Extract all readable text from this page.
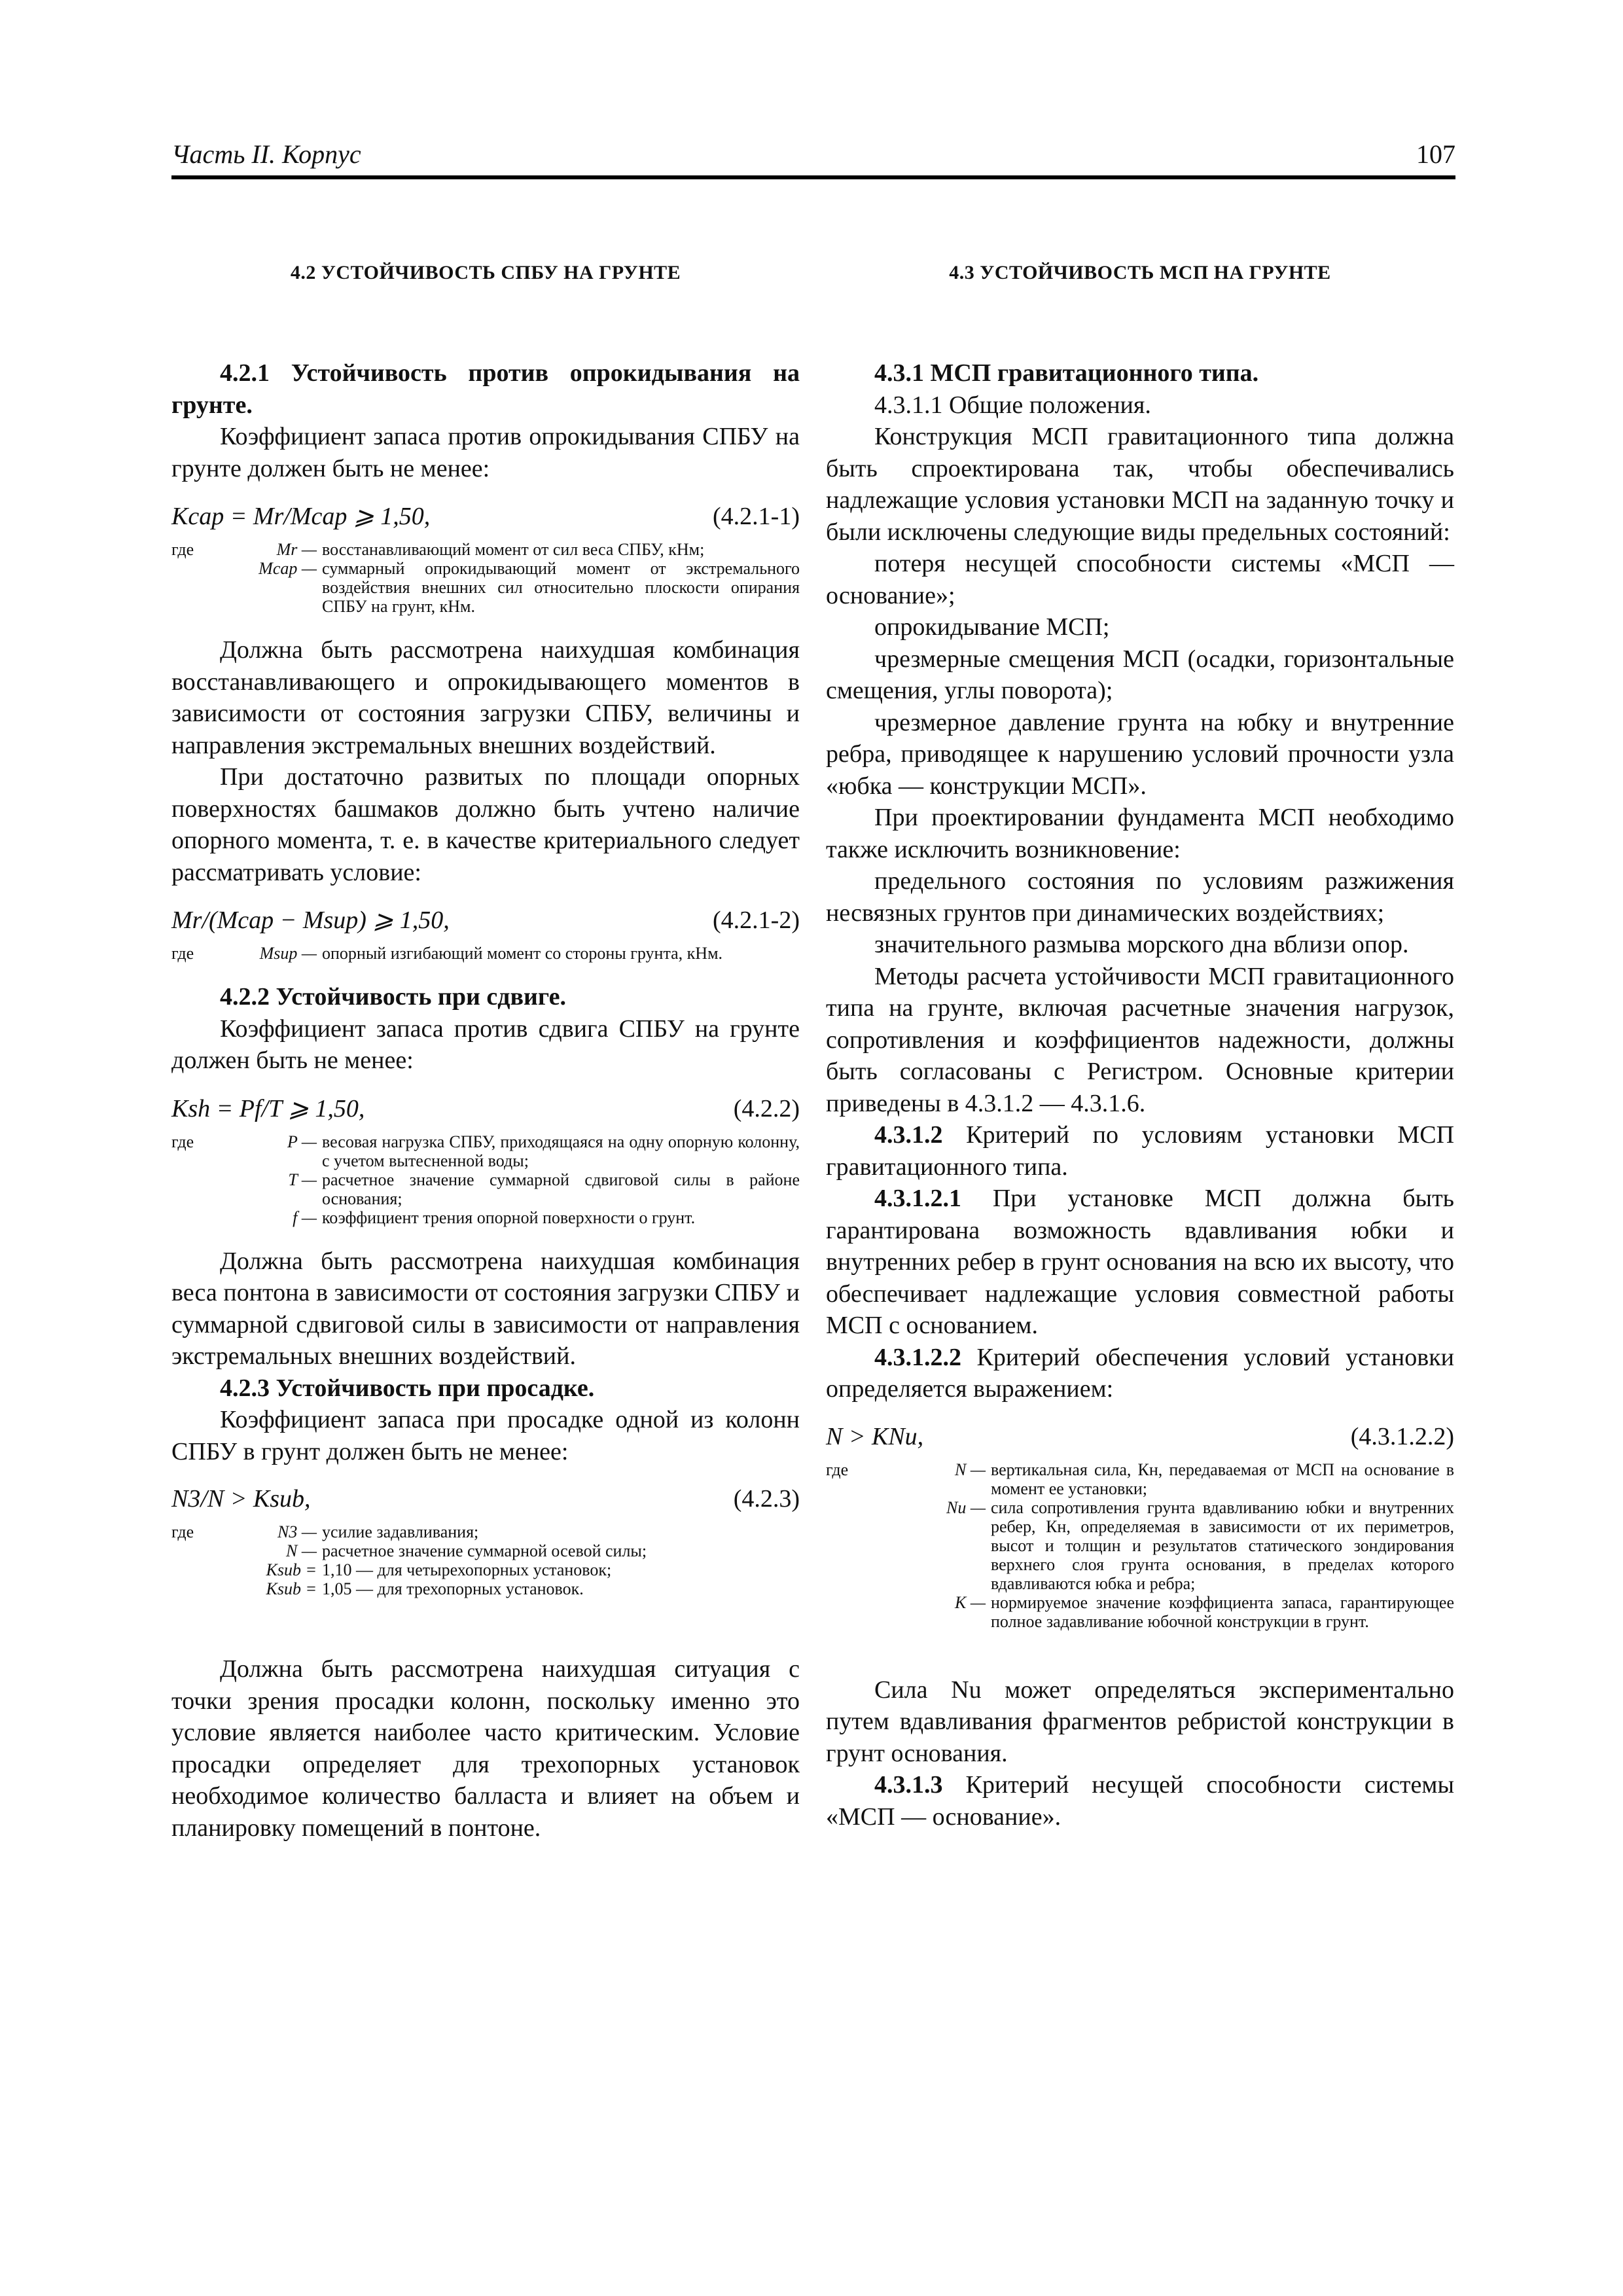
Часть II. Корпус	107
4.2 УСТОЙЧИВОСТЬ СПБУ НА ГРУНТЕ

4.2.1 Устойчивость против опрокидывания на грунте.

Коэффициент запаса против опрокидывания СПБУ на грунте должен быть не менее:

Kcap = Mr/Mcap ⩾ 1,50,	(4.2.1-1)
где	Mr — восстанавливающий момент от сил веса СПБУ, кНм;
Mcap — суммарный опрокидывающий момент от экстремального воздействия внешних сил относительно плоскости опирания СПБУ на грунт, кНм.

Должна быть рассмотрена наихудшая комбинация восстанавливающего и опрокидывающего моментов в зависимости от состояния загрузки СПБУ, величины и направления экстремальных внешних воздействий.

При достаточно развитых по площади опорных поверхностях башмаков должно быть учтено наличие опорного момента, т. е. в качестве критериального следует рассматривать условие:

Mr/(Mcap − Msup) ⩾ 1,50,	(4.2.1-2)
где	Msup — опорный изгибающий момент со стороны грунта, кНм.

4.2.2 Устойчивость при сдвиге.

Коэффициент запаса против сдвига СПБУ на грунте должен быть не менее:

Ksh = Pf/T ⩾ 1,50,	(4.2.2)
где	P — весовая нагрузка СПБУ, приходящаяся на одну опорную колонну, с учетом вытесненной воды;
T — расчетное значение суммарной сдвиговой силы в районе основания;
f — коэффициент трения опорной поверхности о грунт.

Должна быть рассмотрена наихудшая комбинация веса понтона в зависимости от состояния загрузки СПБУ и суммарной сдвиговой силы в зависимости от направления экстремальных внешних воздействий.

4.2.3 Устойчивость при просадке.

Коэффициент запаса при просадке одной из колонн СПБУ в грунт должен быть не менее:

N3/N > Ksub,	(4.2.3)
где	N3 — усилие задавливания;
N — расчетное значение суммарной осевой силы;
Ksub = 1,10 — для четырехопорных установок;
Ksub = 1,05 — для трехопорных установок.

Должна быть рассмотрена наихудшая ситуация с точки зрения просадки колонн, поскольку именно это условие является наиболее часто критическим. Условие просадки определяет для трехопорных установок необходимое количество балласта и влияет на объем и планировку помещений в понтоне.

4.3 УСТОЙЧИВОСТЬ МСП НА ГРУНТЕ

4.3.1 МСП гравитационного типа.

4.3.1.1 Общие положения.

Конструкция МСП гравитационного типа должна быть спроектирована так, чтобы обеспечивались надлежащие условия установки МСП на заданную точку и были исключены следующие виды предельных состояний:

потеря несущей способности системы «МСП — основание»;

опрокидывание МСП;

чрезмерные смещения МСП (осадки, горизонтальные смещения, углы поворота);

чрезмерное давление грунта на юбку и внутренние ребра, приводящее к нарушению условий прочности узла «юбка — конструкции МСП».

При проектировании фундамента МСП необходимо также исключить возникновение:

предельного состояния по условиям разжижения несвязных грунтов при динамических воздействиях;

значительного размыва морского дна вблизи опор.

Методы расчета устойчивости МСП гравитационного типа на грунте, включая расчетные значения нагрузок, сопротивления и коэффициентов надежности, должны быть согласованы с Регистром. Основные критерии приведены в 4.3.1.2 — 4.3.1.6.

4.3.1.2 Критерий по условиям установки МСП гравитационного типа.

4.3.1.2.1 При установке МСП должна быть гарантирована возможность вдавливания юбки и внутренних ребер в грунт основания на всю их высоту, что обеспечивает надлежащие условия совместной работы МСП с основанием.

4.3.1.2.2 Критерий обеспечения условий установки определяется выражением:

N > KNu,	(4.3.1.2.2)
где	N — вертикальная сила, Кн, передаваемая от МСП на основание в момент ее установки;
Nu — сила сопротивления грунта вдавливанию юбки и внутренних ребер, Кн, определяемая в зависимости от их периметров, высот и толщин и результатов статического зондирования верхнего слоя грунта основания, в пределах которого вдавливаются юбка и ребра;
K — нормируемое значение коэффициента запаса, гарантирующее полное задавливание юбочной конструкции в грунт.

Сила Nu может определяться экспериментально путем вдавливания фрагментов ребристой конструкции в грунт основания.

4.3.1.3 Критерий несущей способности системы «МСП — основание».
